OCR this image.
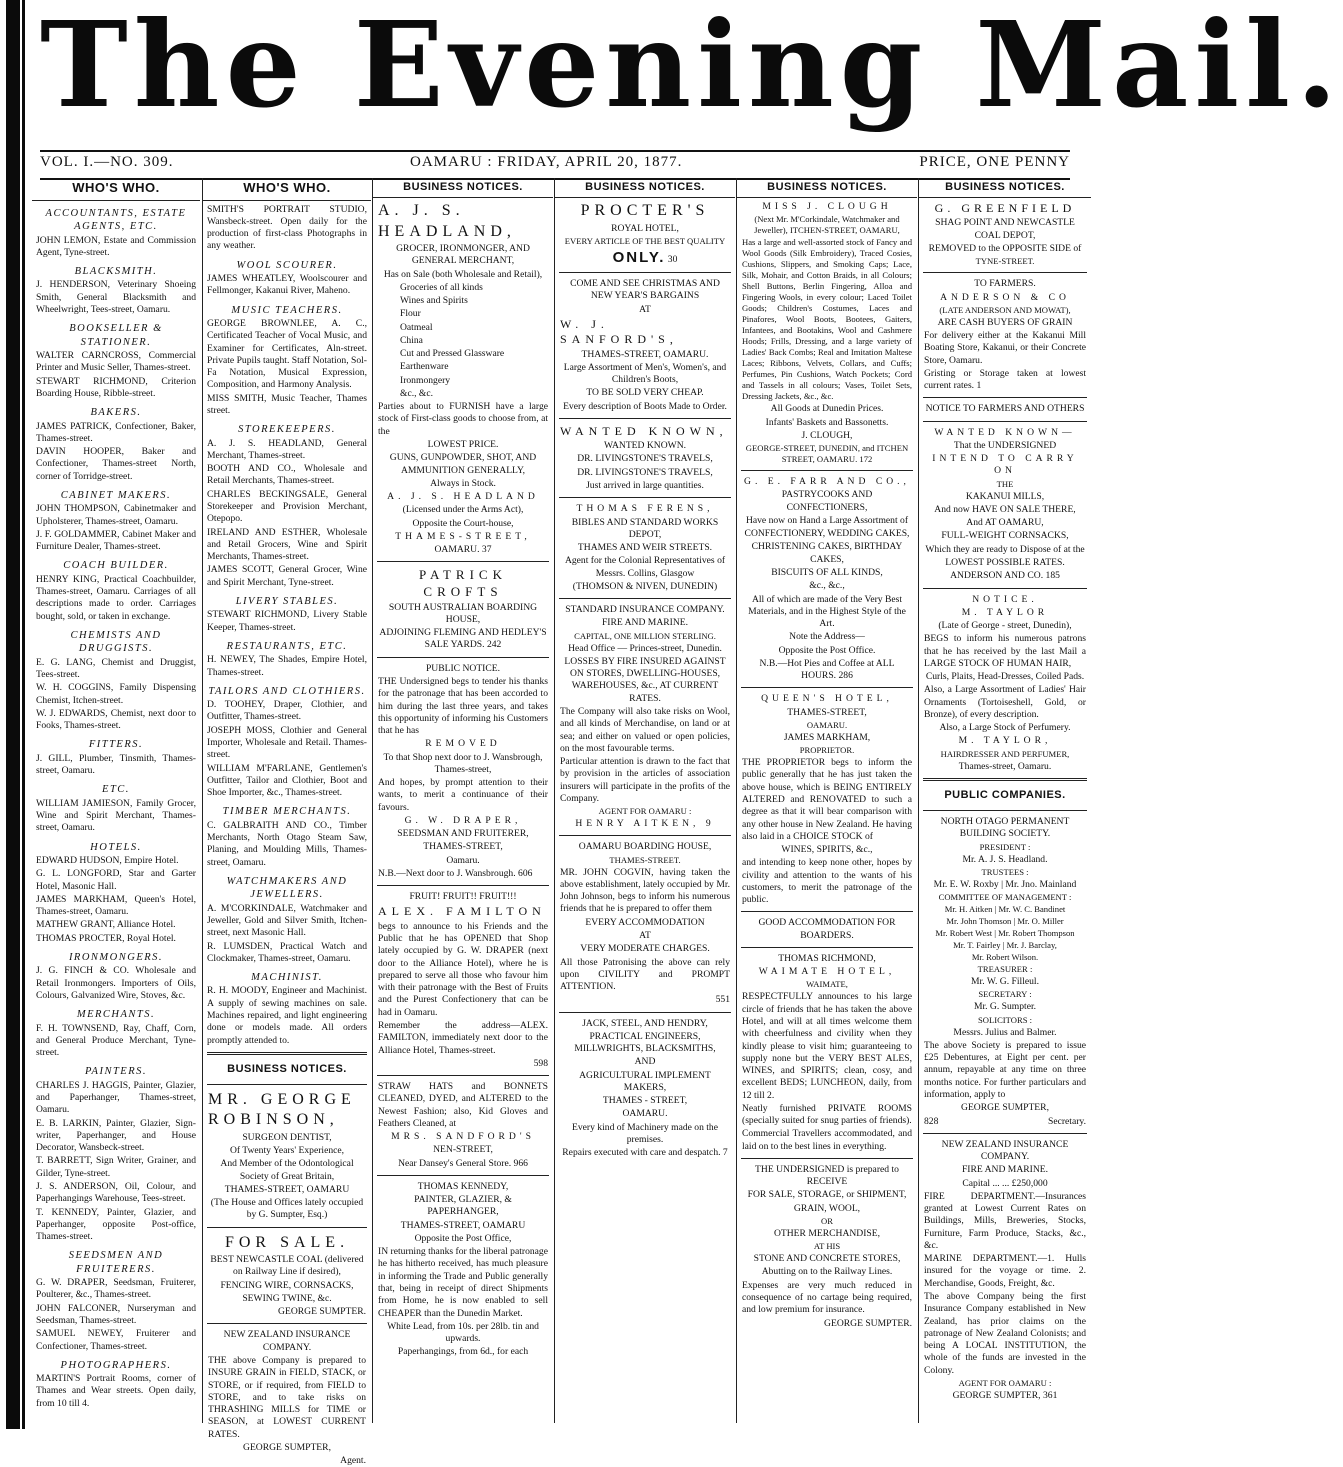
The Evening Mail.
VOL. I.—NO. 309.	OAMARU : FRIDAY, APRIL 20, 1877.	PRICE, ONE PENNY
WHO'S WHO.
ACCOUNTANTS, ESTATE AGENTS, ETC.
JOHN LEMON, Estate and Commission Agent, Tyne-street.
BLACKSMITH.
J. HENDERSON, Veterinary Shoeing Smith, General Blacksmith and Wheelwright, Tees-street, Oamaru.
BOOKSELLER & STATIONER.
WALTER CARNCROSS, Commercial Printer and Music Seller, Thames-street.
STEWART RICHMOND, Criterion Boarding House, Ribble-street.
BAKERS.
JAMES PATRICK, Confectioner, Baker, Thames-street.
DAVIN HOOPER, Baker and Confectioner, Thames-street North, corner of Torridge-street.
CABINET MAKERS.
JOHN THOMPSON, Cabinetmaker and Upholsterer, Thames-street, Oamaru.
J. F. GOLDAMMER, Cabinet Maker and Furniture Dealer, Thames-street.
COACH BUILDER.
HENRY KING, Practical Coachbuilder, Thames-street, Oamaru. Carriages of all descriptions made to order. Carriages bought, sold, or taken in exchange.
CHEMISTS AND DRUGGISTS.
E. G. LANG, Chemist and Druggist, Tees-street.
W. H. COGGINS, Family Dispensing Chemist, Itchen-street.
W. J. EDWARDS, Chemist, next door to Fooks, Thames-street.
FITTERS.
J. GILL, Plumber, Tinsmith, Thames-street, Oamaru.
ETC.
WILLIAM JAMIESON, Family Grocer, Wine and Spirit Merchant, Thames-street, Oamaru.
HOTELS.
EDWARD HUDSON, Empire Hotel.
G. L. LONGFORD, Star and Garter Hotel, Masonic Hall.
JAMES MARKHAM, Queen's Hotel, Thames-street, Oamaru.
MATHEW GRANT, Alliance Hotel.
THOMAS PROCTER, Royal Hotel.
IRONMONGERS.
J. G. FINCH & CO. Wholesale and Retail Ironmongers. Importers of Oils, Colours, Galvanized Wire, Stoves, &c.
MERCHANTS.
F. H. TOWNSEND, Ray, Chaff, Corn, and General Produce Merchant, Tyne-street.
PAINTERS.
CHARLES J. HAGGIS, Painter, Glazier, and Paperhanger, Thames-street, Oamaru.
E. B. LARKIN, Painter, Glazier, Sign-writer, Paperhanger, and House Decorator, Wansbeck-street.
T. BARRETT, Sign Writer, Grainer, and Gilder, Tyne-street.
J. S. ANDERSON, Oil, Colour, and Paperhangings Warehouse, Tees-street.
T. KENNEDY, Painter, Glazier, and Paperhanger, opposite Post-office, Thames-street.
SEEDSMEN AND FRUITERERS.
G. W. DRAPER, Seedsman, Fruiterer, Poulterer, &c., Thames-street.
JOHN FALCONER, Nurseryman and Seedsman, Thames-street.
SAMUEL NEWEY, Fruiterer and Confectioner, Thames-street.
PHOTOGRAPHERS.
MARTIN'S Portrait Rooms, corner of Thames and Wear streets. Open daily, from 10 till 4.
WHO'S WHO.
SMITH'S PORTRAIT STUDIO, Wansbeck-street. Open daily for the production of first-class Photographs in any weather.
WOOL SCOURER.
JAMES WHEATLEY, Woolscourer and Fellmonger, Kakanui River, Maheno.
MUSIC TEACHERS.
GEORGE BROWNLEE, A. C., Certificated Teacher of Vocal Music, and Examiner for Certificates, Aln-street. Private Pupils taught. Staff Notation, Sol-Fa Notation, Musical Expression, Composition, and Harmony Analysis.
MISS SMITH, Music Teacher, Thames street.
STOREKEEPERS.
A. J. S. HEADLAND, General Merchant, Thames-street.
BOOTH AND CO., Wholesale and Retail Merchants, Thames-street.
CHARLES BECKINGSALE, General Storekeeper and Provision Merchant, Otepopo.
IRELAND AND ESTHER, Wholesale and Retail Grocers, Wine and Spirit Merchants, Thames-street.
JAMES SCOTT, General Grocer, Wine and Spirit Merchant, Tyne-street.
LIVERY STABLES.
STEWART RICHMOND, Livery Stable Keeper, Thames-street.
RESTAURANTS, ETC.
H. NEWEY, The Shades, Empire Hotel, Thames-street.
TAILORS AND CLOTHIERS.
D. TOOHEY, Draper, Clothier, and Outfitter, Thames-street.
JOSEPH MOSS, Clothier and General Importer, Wholesale and Retail. Thames-street.
WILLIAM M'FARLANE, Gentlemen's Outfitter, Tailor and Clothier, Boot and Shoe Importer, &c., Thames-street.
TIMBER MERCHANTS.
C. GALBRAITH AND CO., Timber Merchants, North Otago Steam Saw, Planing, and Moulding Mills, Thames-street, Oamaru.
WATCHMAKERS AND JEWELLERS.
A. M'CORKINDALE, Watchmaker and Jeweller, Gold and Silver Smith, Itchen-street, next Masonic Hall.
R. LUMSDEN, Practical Watch and Clockmaker, Thames-street, Oamaru.
MACHINIST.
R. H. MOODY, Engineer and Machinist. A supply of sewing machines on sale. Machines repaired, and light engineering done or models made. All orders promptly attended to.
BUSINESS NOTICES.

MR. GEORGE ROBINSON,

SURGEON DENTIST,

Of Twenty Years' Experience,

And Member of the Odontological Society of Great Britain,

THAMES-STREET, OAMARU

(The House and Offices lately occupied by G. Sumpter, Esq.)

FOR SALE.

BEST NEWCASTLE COAL (delivered on Railway Line if desired),

FENCING WIRE, CORNSACKS,

SEWING TWINE, &c.

GEORGE SUMPTER.

NEW ZEALAND INSURANCE COMPANY.

THE above Company is prepared to INSURE GRAIN in FIELD, STACK, or STORE, or if required, from FIELD to STORE, and to take risks on THRASHING MILLS for TIME or SEASON, at LOWEST CURRENT RATES.

GEORGE SUMPTER,

Agent.

BUSINESS NOTICES.

A. J. S. HEADLAND,

GROCER, IRONMONGER, AND GENERAL MERCHANT,

Has on Sale (both Wholesale and Retail),

Groceries of all kinds

Wines and Spirits

Flour

Oatmeal

China

Cut and Pressed Glassware

Earthenware

Ironmongery

&c., &c.

Parties about to FURNISH have a large stock of First-class goods to choose from, at the

LOWEST PRICE.

GUNS, GUNPOWDER, SHOT, AND AMMUNITION GENERALLY,

Always in Stock.

A. J. S. HEADLAND

(Licensed under the Arms Act),

Opposite the Court-house,

THAMES-STREET,

OAMARU. 37

PATRICK CROFTS

SOUTH AUSTRALIAN BOARDING HOUSE,

ADJOINING FLEMING AND HEDLEY'S SALE YARDS. 242

PUBLIC NOTICE.

THE Undersigned begs to tender his thanks for the patronage that has been accorded to him during the last three years, and takes this opportunity of informing his Customers that he has

REMOVED

To that Shop next door to J. Wansbrough, Thames-street,

And hopes, by prompt attention to their wants, to merit a continuance of their favours.

G. W. DRAPER,

SEEDSMAN AND FRUITERER,

THAMES-STREET,

Oamaru.

N.B.—Next door to J. Wansbrough. 606

FRUIT! FRUIT!! FRUIT!!!

ALEX. FAMILTON

begs to announce to his Friends and the Public that he has OPENED that Shop lately occupied by G. W. DRAPER (next door to the Alliance Hotel), where he is prepared to serve all those who favour him with their patronage with the Best of Fruits and the Purest Confectionery that can be had in Oamaru.

Remember the address—ALEX. FAMILTON, immediately next door to the Alliance Hotel, Thames-street.

598

STRAW HATS and BONNETS CLEANED, DYED, and ALTERED to the Newest Fashion; also, Kid Gloves and Feathers Cleaned, at

MRS. SANDFORD'S

NEN-STREET,

Near Dansey's General Store. 966

THOMAS KENNEDY,

PAINTER, GLAZIER, & PAPERHANGER,

THAMES-STREET, OAMARU

Opposite the Post Office,

IN returning thanks for the liberal patronage he has hitherto received, has much pleasure in informing the Trade and Public generally that, being in receipt of direct Shipments from Home, he is now enabled to sell CHEAPER than the Dunedin Market.

White Lead, from 10s. per 28lb. tin and upwards.

Paperhangings, from 6d., for each

BUSINESS NOTICES.

PROCTER'S

ROYAL HOTEL,

EVERY ARTICLE OF THE BEST QUALITY

ONLY. 30

COME AND SEE CHRISTMAS AND NEW YEAR'S BARGAINS

AT

W. J. SANFORD'S,

THAMES-STREET, OAMARU.

Large Assortment of Men's, Women's, and Children's Boots,

TO BE SOLD VERY CHEAP.

Every description of Boots Made to Order.

WANTED KNOWN,

WANTED KNOWN.

DR. LIVINGSTONE'S TRAVELS,

DR. LIVINGSTONE'S TRAVELS,

Just arrived in large quantities.

THOMAS FERENS,

BIBLES AND STANDARD WORKS DEPOT,

THAMES AND WEIR STREETS.

Agent for the Colonial Representatives of Messrs. Collins, Glasgow

(THOMSON & NIVEN, DUNEDIN)

STANDARD INSURANCE COMPANY.

FIRE AND MARINE.

CAPITAL, ONE MILLION STERLING.

Head Office — Princes-street, Dunedin.

LOSSES BY FIRE INSURED AGAINST ON STORES, DWELLING-HOUSES, WAREHOUSES, &c., AT CURRENT RATES.

The Company will also take risks on Wool, and all kinds of Merchandise, on land or at sea; and either on valued or open policies, on the most favourable terms.

Particular attention is drawn to the fact that by provision in the articles of association insurers will participate in the profits of the Company.

AGENT FOR OAMARU :

HENRY AITKEN, 9

OAMARU BOARDING HOUSE,

THAMES-STREET.

MR. JOHN COGVIN, having taken the above establishment, lately occupied by Mr. John Johnson, begs to inform his numerous friends that he is prepared to offer them

EVERY ACCOMMODATION

AT

VERY MODERATE CHARGES.

All those Patronising the above can rely upon CIVILITY and PROMPT ATTENTION.

551

JACK, STEEL, AND HENDRY,

PRACTICAL ENGINEERS, MILLWRIGHTS, BLACKSMITHS,

AND

AGRICULTURAL IMPLEMENT MAKERS,

THAMES - STREET,

OAMARU.

Every kind of Machinery made on the premises.

Repairs executed with care and despatch. 7

BUSINESS NOTICES.

MISS J. CLOUGH

(Next Mr. M'Corkindale, Watchmaker and Jeweller), ITCHEN-STREET, OAMARU,

Has a large and well-assorted stock of Fancy and Wool Goods (Silk Embroidery), Traced Cosies, Cushions, Slippers, and Smoking Caps; Lace, Silk, Mohair, and Cotton Braids, in all Colours; Shell Buttons, Berlin Fingering, Alloa and Fingering Wools, in every colour; Laced Toilet Goods; Children's Costumes, Laces and Pinafores, Wool Boots, Bootees, Gaiters, Infantees, and Bootakins, Wool and Cashmere Hoods; Frills, Dressing, and a large variety of Ladies' Back Combs; Real and Imitation Maltese Laces; Ribbons, Velvets, Collars, and Cuffs; Perfumes, Pin Cushions, Watch Pockets; Cord and Tassels in all colours; Vases, Toilet Sets, Dressing Jackets, &c., &c.

All Goods at Dunedin Prices.

Infants' Baskets and Bassonetts.

J. CLOUGH,

GEORGE-STREET, DUNEDIN, and ITCHEN STREET, OAMARU. 172

G. E. FARR AND CO.,

PASTRYCOOKS AND CONFECTIONERS,

Have now on Hand a Large Assortment of

CONFECTIONERY, WEDDING CAKES,

CHRISTENING CAKES, BIRTHDAY CAKES,

BISCUITS OF ALL KINDS,

&c., &c.,

All of which are made of the Very Best Materials, and in the Highest Style of the Art.

Note the Address—

Opposite the Post Office.

N.B.—Hot Pies and Coffee at ALL HOURS. 286

QUEEN'S HOTEL,

THAMES-STREET,

OAMARU.

JAMES MARKHAM,

PROPRIETOR.

THE PROPRIETOR begs to inform the public generally that he has just taken the above house, which is BEING ENTIRELY ALTERED and RENOVATED to such a degree as that it will bear comparison with any other house in New Zealand. He having also laid in a CHOICE STOCK of

WINES, SPIRITS, &c.,

and intending to keep none other, hopes by civility and attention to the wants of his customers, to merit the patronage of the public.

GOOD ACCOMMODATION FOR BOARDERS.

THOMAS RICHMOND,

WAIMATE HOTEL,

WAIMATE,

RESPECTFULLY announces to his large circle of friends that he has taken the above Hotel, and will at all times welcome them with cheerfulness and civility when they kindly please to visit him; guaranteeing to supply none but the VERY BEST ALES, WINES, and SPIRITS; clean, cosy, and excellent BEDS; LUNCHEON, daily, from 12 till 2.

Neatly furnished PRIVATE ROOMS (specially suited for snug parties of friends).

Commercial Travellers accommodated, and laid on to the best lines in everything.

THE UNDERSIGNED is prepared to RECEIVE

FOR SALE, STORAGE, or SHIPMENT,

GRAIN, WOOL,

OR

OTHER MERCHANDISE,

AT HIS

STONE AND CONCRETE STORES,

Abutting on to the Railway Lines.

Expenses are very much reduced in consequence of no cartage being required, and low premium for insurance.

GEORGE SUMPTER.

BUSINESS NOTICES.

G. GREENFIELD

SHAG POINT AND NEWCASTLE COAL DEPOT,

REMOVED to the OPPOSITE SIDE of

TYNE-STREET.

TO FARMERS.

ANDERSON & CO

(LATE ANDERSON AND MOWAT),

ARE CASH BUYERS OF GRAIN

For delivery either at the Kakanui Mill Boating Store, Kakanui, or their Concrete Store, Oamaru.

Gristing or Storage taken at lowest current rates. 1

NOTICE TO FARMERS AND OTHERS

WANTED KNOWN—

That the UNDERSIGNED

INTEND TO CARRY ON

THE

KAKANUI MILLS,

And now HAVE ON SALE THERE,

And AT OAMARU,

FULL-WEIGHT CORNSACKS,

Which they are ready to Dispose of at the

LOWEST POSSIBLE RATES.

ANDERSON AND CO. 185

NOTICE.

M. TAYLOR

(Late of George - street, Dunedin),

BEGS to inform his numerous patrons that he has received by the last Mail a LARGE STOCK OF HUMAN HAIR,

Curls, Plaits, Head-Dresses, Coiled Pads.

Also, a Large Assortment of Ladies' Hair Ornaments (Tortoiseshell, Gold, or Bronze), of every description.

Also, a Large Stock of Perfumery.

M. TAYLOR,

HAIRDRESSER AND PERFUMER,

Thames-street, Oamaru.

PUBLIC COMPANIES.

NORTH OTAGO PERMANENT BUILDING SOCIETY.

PRESIDENT :

Mr. A. J. S. Headland.

TRUSTEES :

Mr. E. W. Roxby | Mr. Jno. Mainland

COMMITTEE OF MANAGEMENT :

Mr. H. Aitken | Mr. W. C. Bandinet

Mr. John Thomson | Mr. O. Miller

Mr. Robert West | Mr. Robert Thompson

Mr. T. Fairley | Mr. J. Barclay,

Mr. Robert Wilson.

TREASURER :

Mr. W. G. Filleul.

SECRETARY :

Mr. G. Sumpter.

SOLICITORS :

Messrs. Julius and Balmer.

The above Society is prepared to issue £25 Debentures, at Eight per cent. per annum, repayable at any time on three months notice. For further particulars and information, apply to

GEORGE SUMPTER,

828	Secretary.

NEW ZEALAND INSURANCE COMPANY.

FIRE AND MARINE.

Capital ... ... £250,000

FIRE DEPARTMENT.—Insurances granted at Lowest Current Rates on Buildings, Mills, Breweries, Stocks, Furniture, Farm Produce, Stacks, &c., &c.

MARINE DEPARTMENT.—1. Hulls insured for the voyage or time. 2. Merchandise, Goods, Freight, &c.

The above Company being the first Insurance Company established in New Zealand, has prior claims on the patronage of New Zealand Colonists; and being A LOCAL INSTITUTION, the whole of the funds are invested in the Colony.

AGENT FOR OAMARU :

GEORGE SUMPTER, 361
